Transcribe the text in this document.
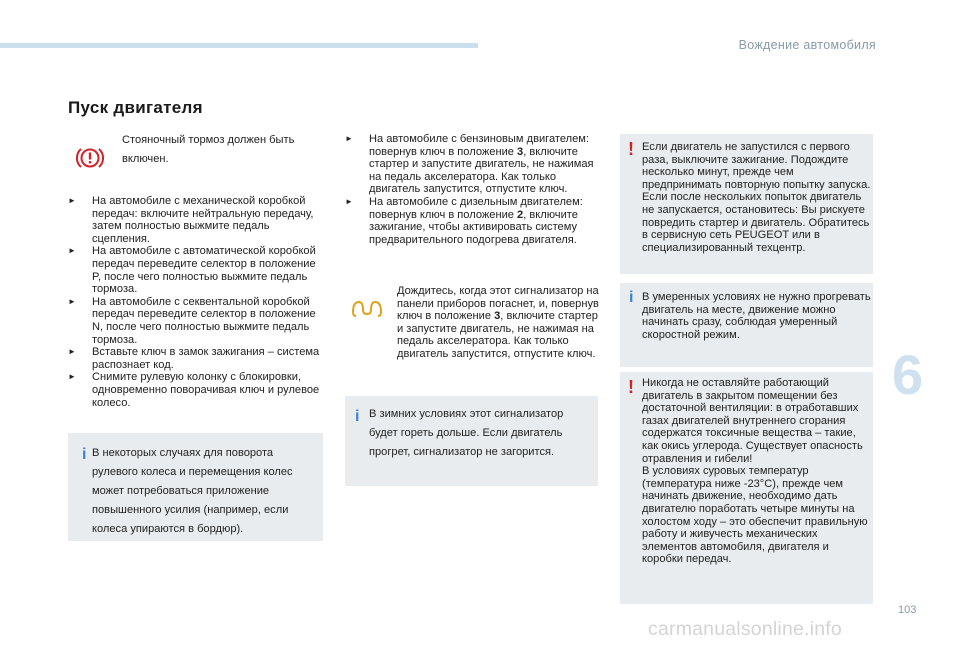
Вождение автомобиля
Пуск двигателя
Стояночный тормоз должен быть включен.
►	На автомобиле с механической коробкой передач: включите нейтральную передачу, затем полностью выжмите педаль сцепления.
►	На автомобиле с автоматической коробкой передач переведите селектор в положение P, после чего полностью выжмите педаль тормоза.
►	На автомобиле с секвентальной коробкой передач переведите селектор в положение N, после чего полностью выжмите педаль тормоза.
►	Вставьте ключ в замок зажигания – система распознает код.
►	Снимите рулевую колонку с блокировки, одновременно поворачивая ключ и рулевое колесо.
i В некоторых случаях для поворота рулевого колеса и перемещения колес может потребоваться приложение повышенного усилия (например, если колеса упираются в бордюр).
►	На автомобиле с бензиновым двигателем: повернув ключ в положение 3, включите стартер и запустите двигатель, не нажимая на педаль акселератора. Как только двигатель запустится, отпустите ключ.
►	На автомобиле с дизельным двигателем: повернув ключ в положение 2, включите зажигание, чтобы активировать систему предварительного подогрева двигателя.
Дождитесь, когда этот сигнализатор на панели приборов погаснет, и, повернув ключ в положение 3, включите стартер и запустите двигатель, не нажимая на педаль акселератора. Как только двигатель запустится, отпустите ключ.
i В зимних условиях этот сигнализатор будет гореть дольше. Если двигатель прогрет, сигнализатор не загорится.
! Если двигатель не запустился с первого раза, выключите зажигание. Подождите несколько минут, прежде чем предпринимать повторную попытку запуска. Если после нескольких попыток двигатель не запускается, остановитесь: Вы рискуете повредить стартер и двигатель. Обратитесь в сервисную сеть PEUGEOT или в специализированный техцентр.
i В умеренных условиях не нужно прогревать двигатель на месте, движение можно начинать сразу, соблюдая умеренный скоростной режим.
! Никогда не оставляйте работающий двигатель в закрытом помещении без достаточной вентиляции: в отработавших газах двигателей внутреннего сгорания содержатся токсичные вещества – такие, как окись углерода. Существует опасность отравления и гибели!
В условиях суровых температур (температура ниже -23°C), прежде чем начинать движение, необходимо дать двигателю поработать четыре минуты на холостом ходу – это обеспечит правильную работу и живучесть механических элементов автомобиля, двигателя и коробки передач.
6
103
carmanualsonline.info
